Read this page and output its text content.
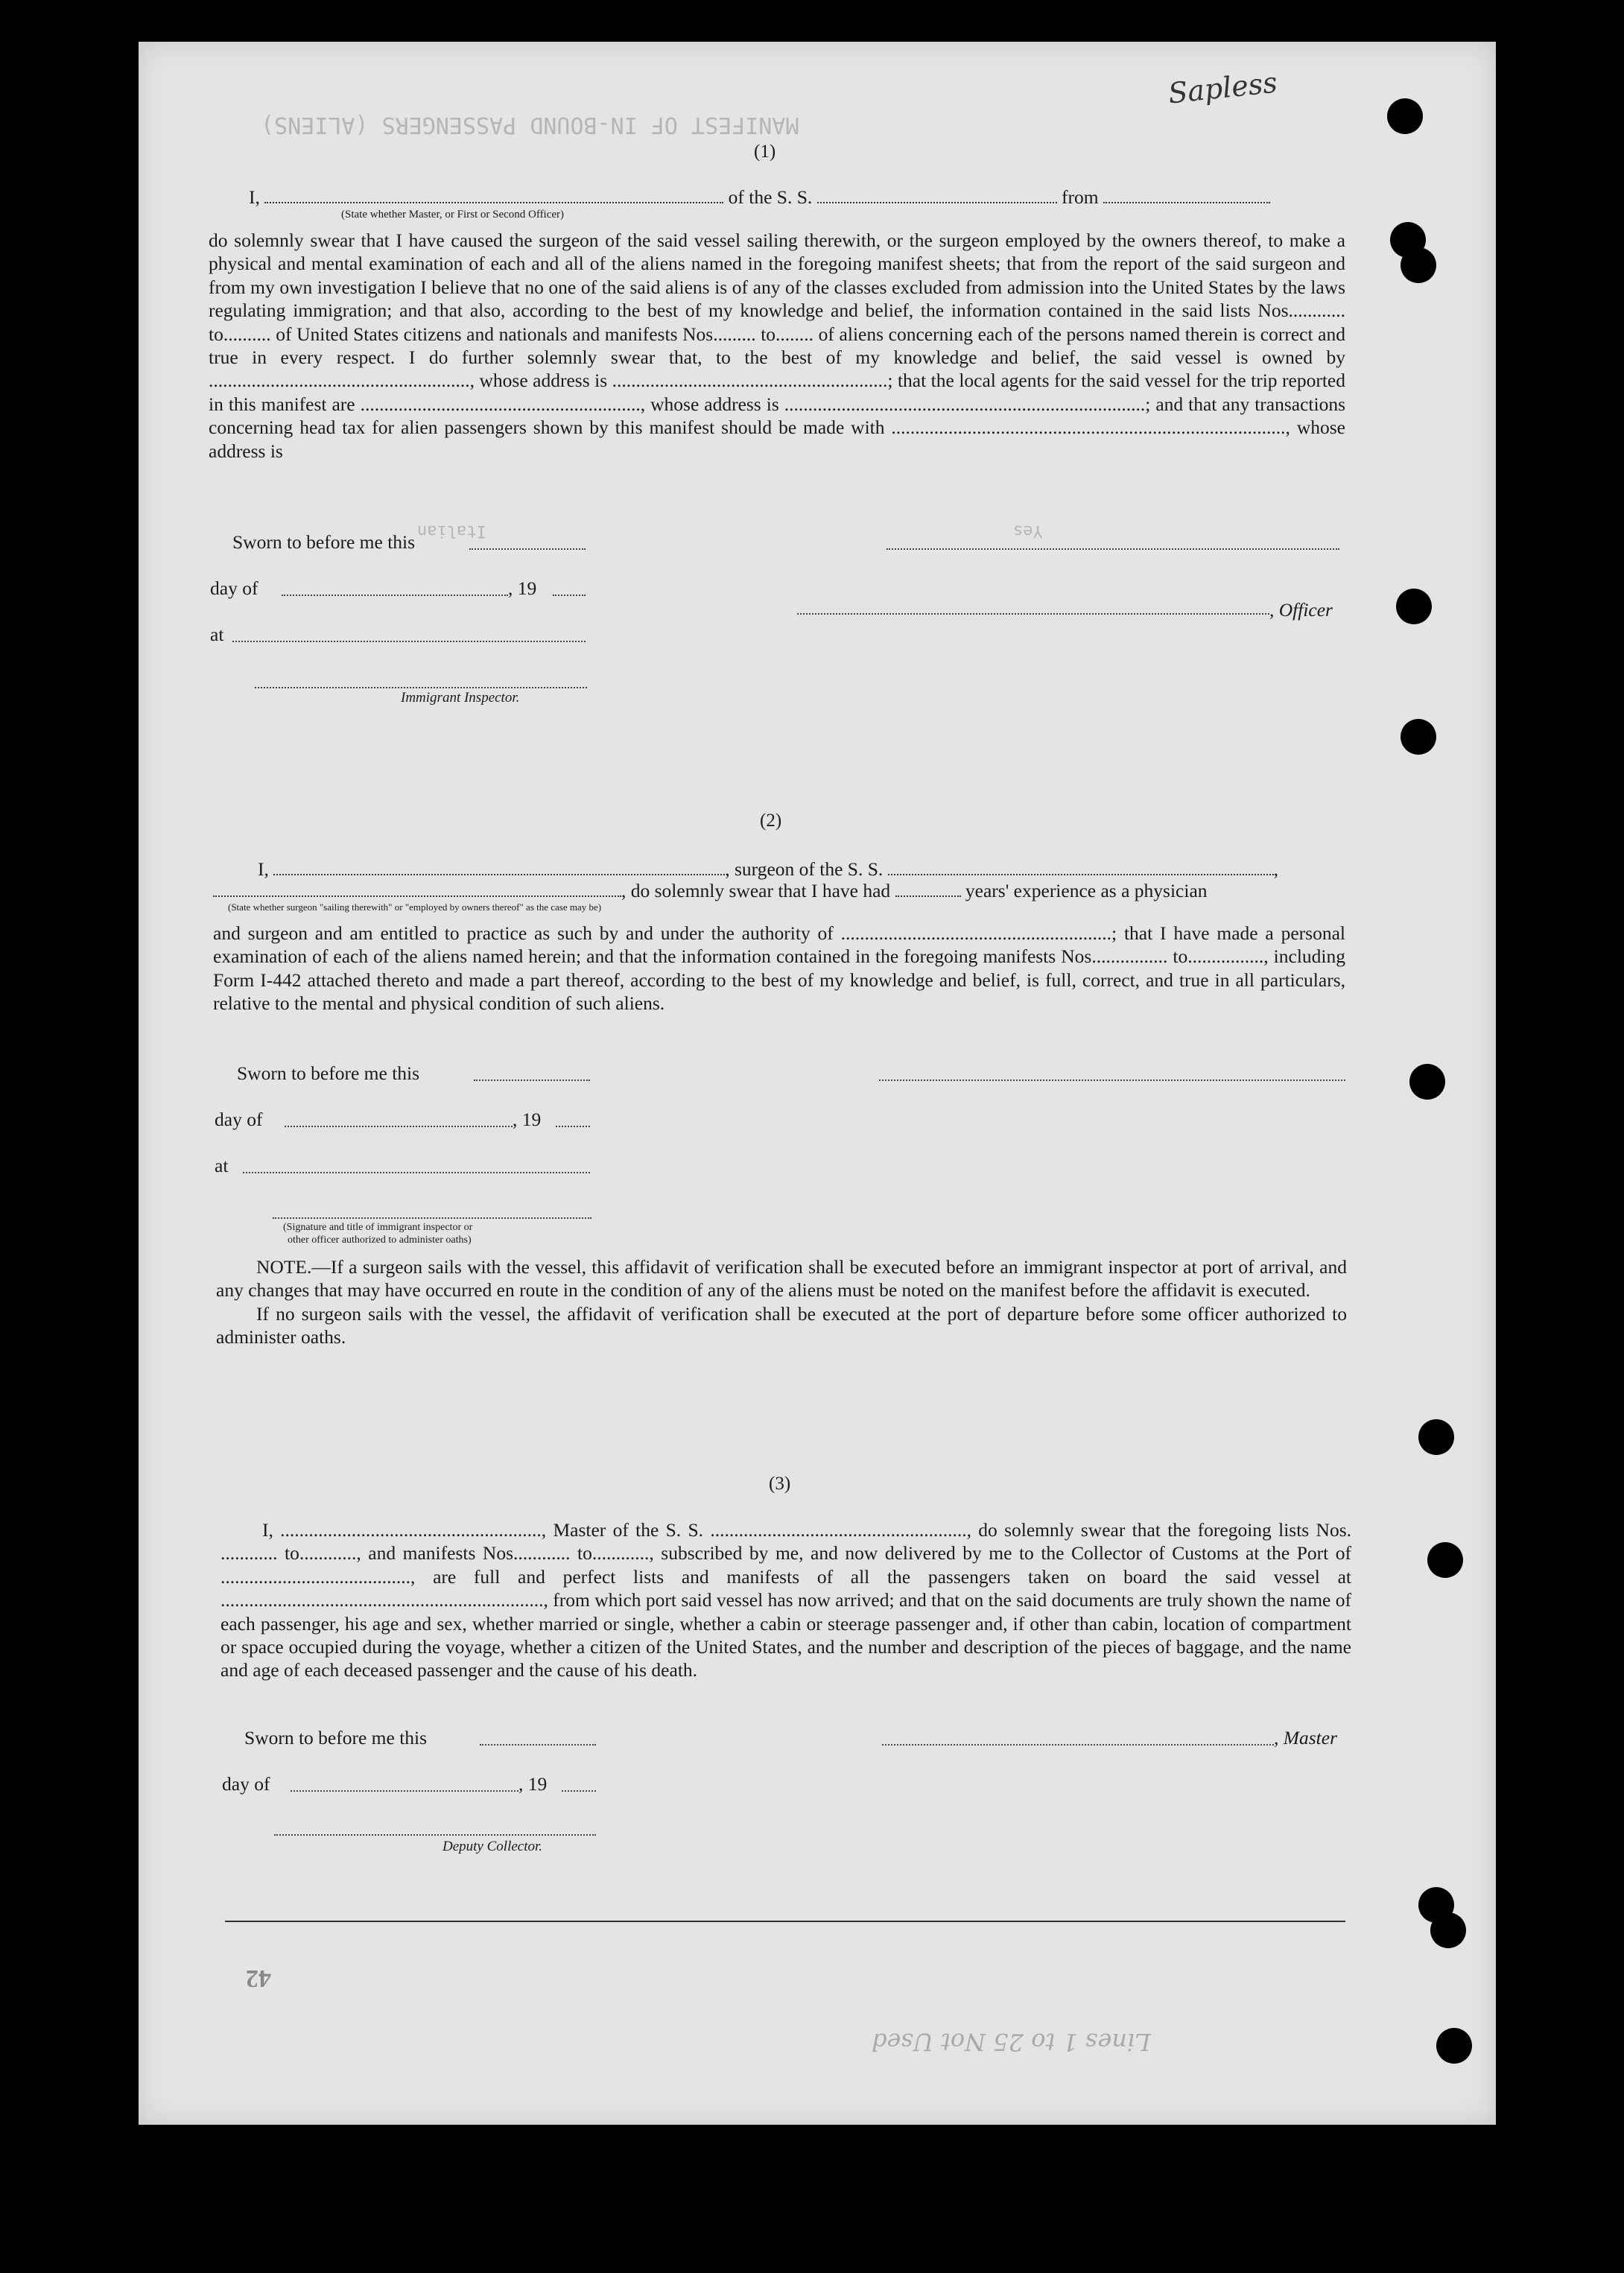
MANIFEST OF IN-BOUND PASSENGERS (ALIENS)
Italian	Yes
Sapless
(1)
I,	of the S. S.	from
(State whether Master, or First or Second Officer)

do solemnly swear that I have caused the surgeon of the said vessel sailing therewith, or the surgeon employed by the owners thereof, to make a physical and mental examination of each and all of the aliens named in the foregoing manifest sheets; that from the report of the said surgeon and from my own investigation I believe that no one of the said aliens is of any of the classes excluded from admission into the United States by the laws regulating immigration; and that also, according to the best of my knowledge and belief, the information contained in the said lists Nos............ to.......... of United States citizens and nationals and manifests Nos......... to........ of aliens concerning each of the persons named therein is correct and true in every respect. I do further solemnly swear that, to the best of my knowledge and belief, the said vessel is owned by ......................................................., whose address is ..........................................................; that the local agents for the said vessel for the trip reported in this manifest are ..........................................................., whose address is ............................................................................; and that any transactions concerning head tax for alien passengers shown by this manifest should be made with ..................................................................................., whose address is

Sworn to before me this
day of	, 19
at
, Officer
Immigrant Inspector.
(2)
I,	, surgeon of the S. S.	,
, do solemnly swear that I have had	years' experience as a physician
(State whether surgeon "sailing therewith" or "employed by owners thereof" as the case may be)

and surgeon and am entitled to practice as such by and under the authority of .........................................................; that I have made a personal examination of each of the aliens named herein; and that the information contained in the foregoing manifests Nos................ to................, including Form I-442 attached thereto and made a part thereof, according to the best of my knowledge and belief, is full, correct, and true in all particulars, relative to the mental and physical condition of such aliens.

Sworn to before me this
day of	, 19
at
(Signature and title of immigrant inspector or
other officer authorized to administer oaths)

NOTE.—If a surgeon sails with the vessel, this affidavit of verification shall be executed before an immigrant inspector at port of arrival, and any changes that may have occurred en route in the condition of any of the aliens must be noted on the manifest before the affidavit is executed.

If no surgeon sails with the vessel, the affidavit of verification shall be executed at the port of departure before some officer authorized to administer oaths.

(3)

I, ......................................................., Master of the S. S. ......................................................, do solemnly swear that the foregoing lists Nos. ............ to............, and manifests Nos............ to............, subscribed by me, and now delivered by me to the Collector of Customs at the Port of ........................................, are full and perfect lists and manifests of all the passengers taken on board the said vessel at ...................................................................., from which port said vessel has now arrived; and that on the said documents are truly shown the name of each passenger, his age and sex, whether married or single, whether a cabin or steerage passenger and, if other than cabin, location of compartment or space occupied during the voyage, whether a citizen of the United States, and the number and description of the pieces of baggage, and the name and age of each deceased passenger and the cause of his death.

Sworn to before me this	, Master
day of	, 19
Deputy Collector.
42
Lines 1 to 25 Not Used
